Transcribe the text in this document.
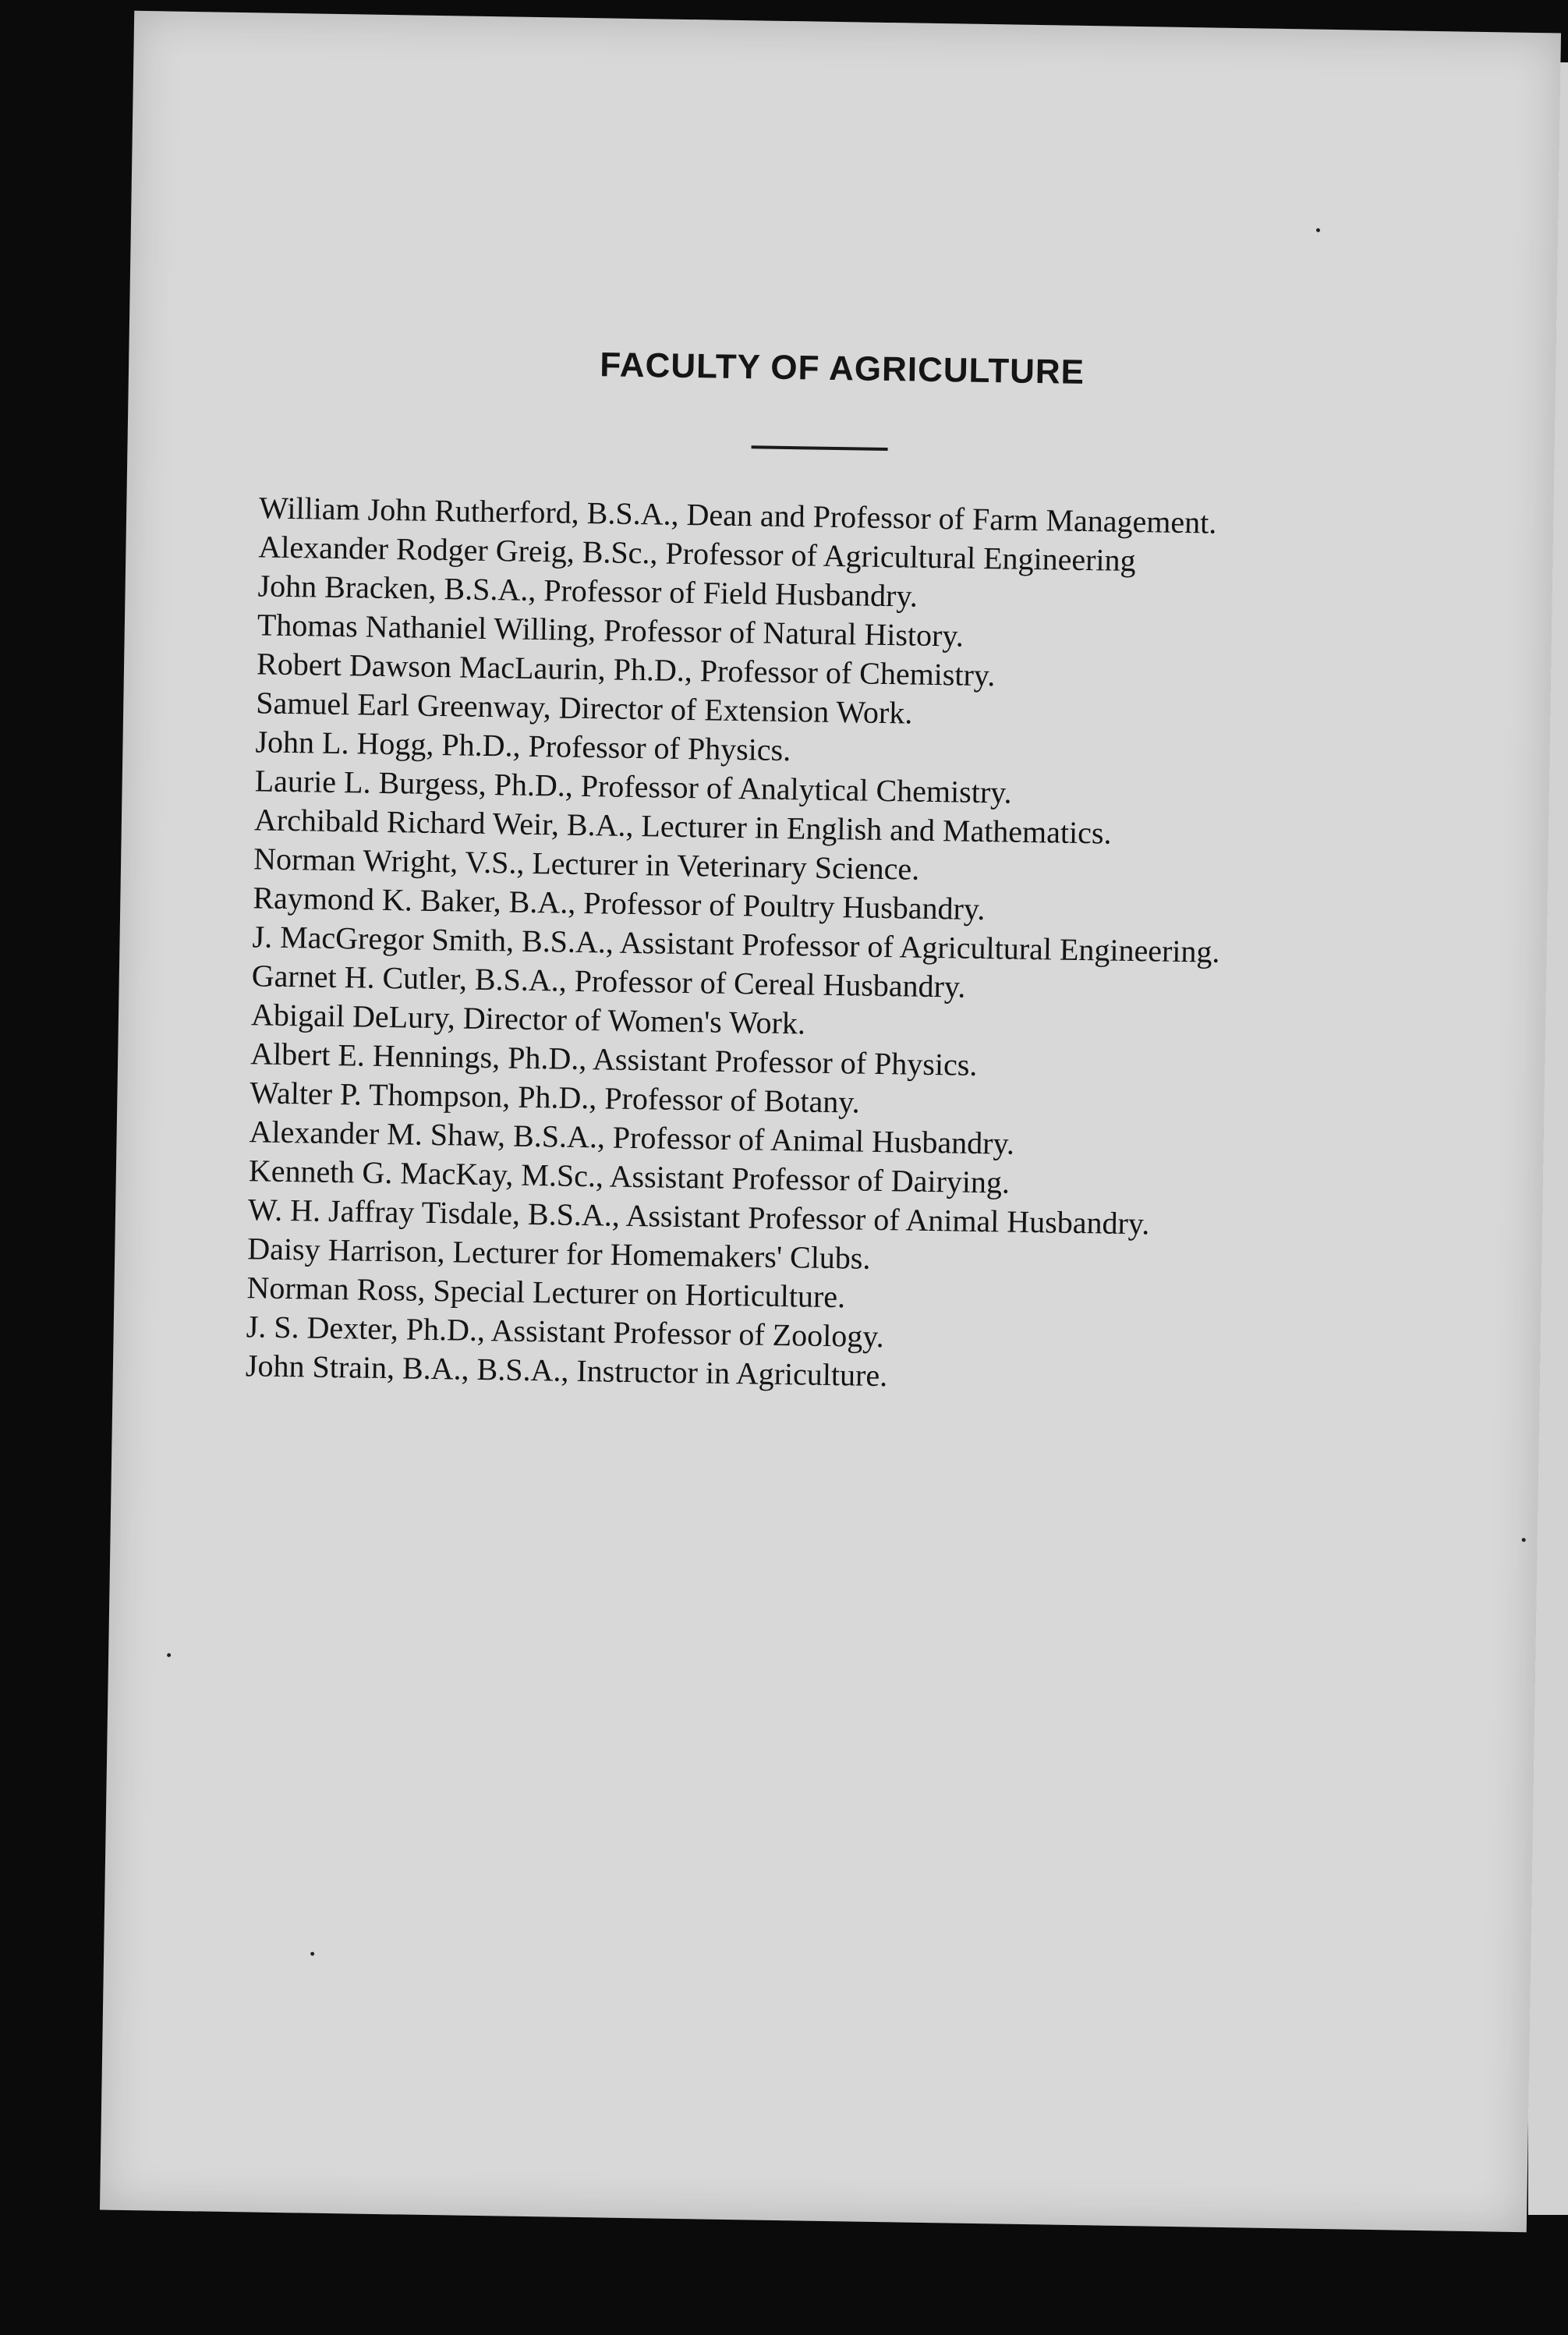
FACULTY OF AGRICULTURE
William John Rutherford, B.S.A., Dean and Professor of Farm Management.
Alexander Rodger Greig, B.Sc., Professor of Agricultural Engineering
John Bracken, B.S.A., Professor of Field Husbandry.
Thomas Nathaniel Willing, Professor of Natural History.
Robert Dawson MacLaurin, Ph.D., Professor of Chemistry.
Samuel Earl Greenway, Director of Extension Work.
John L. Hogg, Ph.D., Professor of Physics.
Laurie L. Burgess, Ph.D., Professor of Analytical Chemistry.
Archibald Richard Weir, B.A., Lecturer in English and Mathematics.
Norman Wright, V.S., Lecturer in Veterinary Science.
Raymond K. Baker, B.A., Professor of Poultry Husbandry.
J. MacGregor Smith, B.S.A., Assistant Professor of Agricultural Engineering.
Garnet H. Cutler, B.S.A., Professor of Cereal Husbandry.
Abigail DeLury, Director of Women's Work.
Albert E. Hennings, Ph.D., Assistant Professor of Physics.
Walter P. Thompson, Ph.D., Professor of Botany.
Alexander M. Shaw, B.S.A., Professor of Animal Husbandry.
Kenneth G. MacKay, M.Sc., Assistant Professor of Dairying.
W. H. Jaffray Tisdale, B.S.A., Assistant Professor of Animal Husbandry.
Daisy Harrison, Lecturer for Homemakers' Clubs.
Norman Ross, Special Lecturer on Horticulture.
J. S. Dexter, Ph.D., Assistant Professor of Zoology.
John Strain, B.A., B.S.A., Instructor in Agriculture.
